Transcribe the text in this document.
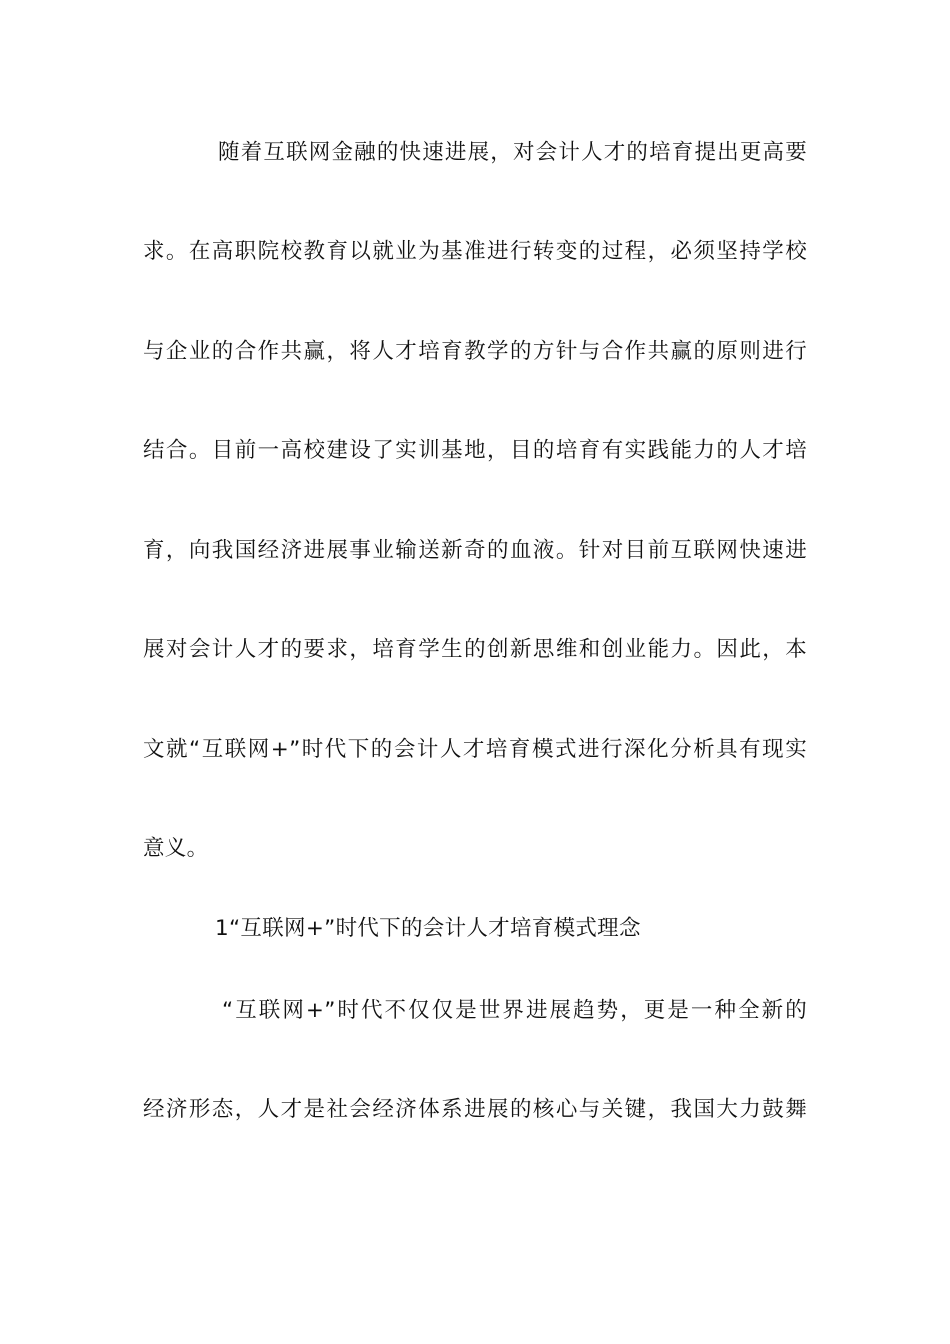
随着互联网金融的快速进展，对会计人才的培育提出更高要
求。在高职院校教育以就业为基准进行转变的过程，必须坚持学校
与企业的合作共赢，将人才培育教学的方针与合作共赢的原则进行
结合。目前一高校建设了实训基地，目的培育有实践能力的人才培
育，向我国经济进展事业输送新奇的血液。针对目前互联网快速进
展对会计人才的要求，培育学生的创新思维和创业能力。因此，本
文就“互联网+”时代下的会计人才培育模式进行深化分析具有现实
意义。
1“互联网+”时代下的会计人才培育模式理念
“互联网+”时代不仅仅是世界进展趋势，更是一种全新的
经济形态，人才是社会经济体系进展的核心与关键，我国大力鼓舞
